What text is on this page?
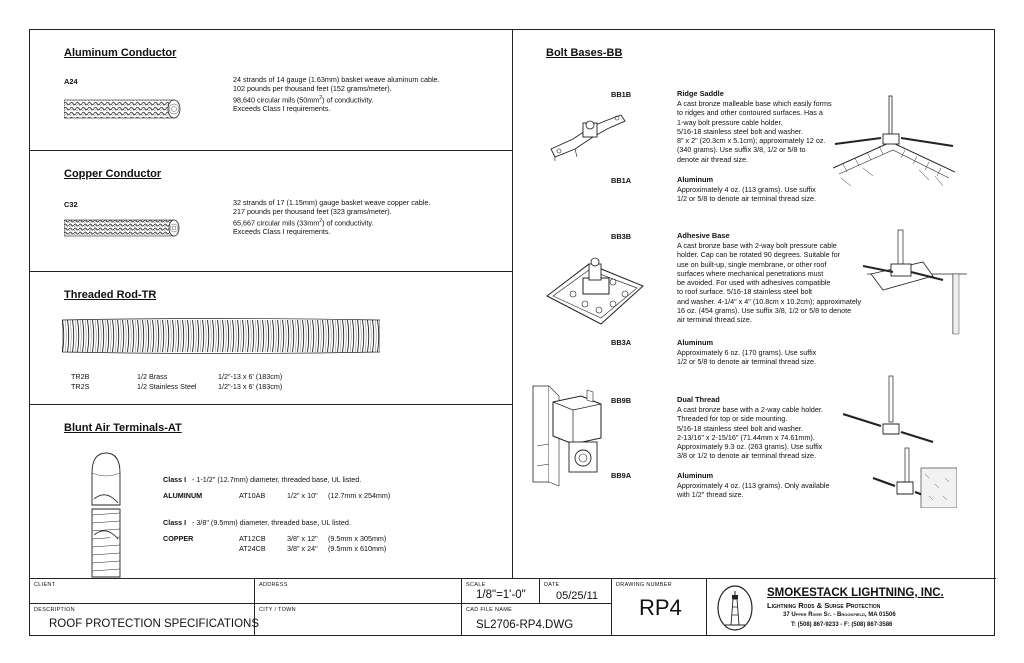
Aluminum Conductor
A24	24 strands of 14 gauge (1.63mm) basket weave aluminum cable.
102 pounds per thousand feet (152 grams/meter).
98,640 circular mils $(50mm^2)$ of conductivity.
Exceeds Class I requirements.
Copper Conductor
C32	32 strands of 17 (1.15mm) gauge basket weave copper cable.
217 pounds per thousand feet (323 grams/meter).
65,667 circular mils $(33mm^2)$ of conductivity.
Exceeds Class I requirements.
Threaded Rod-TR
TR2B	1/2 Brass	1/2"-13 x 6' (183cm)
TR2S	1/2 Stainless Steel	1/2"-13 x 6' (183cm)
Blunt Air Terminals-AT
Class I - 1-1/2" (12.7mm) diameter, threaded base, UL listed.
ALUMINUM	AT10AB	1/2" x 10" (12.7mm x 254mm)
Class I - 3/8" (9.5mm) diameter, threaded base, UL listed.
COPPER	AT12CB	3/8" x 12" (9.5mm x 305mm)
AT24CB	3/8" x 24" (9.5mm x 610mm)
Bolt Bases-BB
BB1B	Ridge Saddle
A cast bronze malleable base which easily forms
to ridges and other contoured surfaces. Has a
1-way bolt pressure cable holder.
5/16-18 stainless steel bolt and washer.
8" x 2" (20.3cm x 5.1cm); approximately 12 oz.
(340 grams). Use suffix 3/8, 1/2 or 5/8 to
denote air thread size.
BB1A	Aluminum
Approximately 4 oz. (113 grams). Use suffix
1/2 or 5/8 to denote air terminal thread size.
BB3B	Adhesive Base
A cast bronze base with 2-way bolt pressure cable
holder. Cap can be rotated 90 degrees. Suitable for
use on built-up, single membrane, or other roof
surfaces where mechanical penetrations must
be avoided. For used with adhesives compatible
to roof surface. 5/16-18 stainless steel bolt
and washer. 4-1/4" x 4" (10.8cm x 10.2cm); approximately
16 oz. (454 grams). Use suffix 3/8, 1/2 or 5/8 to denote
air terminal thread size.
BB3A	Aluminum
Approximately 6 oz. (170 grams). Use suffix
1/2 or 5/8 to denote air terminal thread size.
BB9B	Dual Thread
A cast bronze base with a 2-way cable holder.
Threaded for top or side mounting.
5/16-18 stainless steel bolt and washer.
2-13/16" x 2-15/16" (71.44mm x 74.61mm).
Approximately 9.3 oz. (263 grams). Use suffix
3/8 or 1/2 to denote air terminal thread size.
BB9A	Aluminum
Approximately 4 oz. (113 grams). Only available
with 1/2" thread size.
CLIENT
DESCRIPTION
ROOF PROTECTION SPECIFICATIONS
ADDRESS
CITY / TOWN
SCALE
1/8"=1'-0"
DATE
05/25/11
CAD FILE NAME
SL2706-RP4.DWG
DRAWING NUMBER
RP4
SMOKESTACK LIGHTNING, INC.
Lightning Rods & Surge Protection
37 Upper River St. - Brookfield, MA 01506
T: (508) 867-9233 - F: (508) 867-3586
